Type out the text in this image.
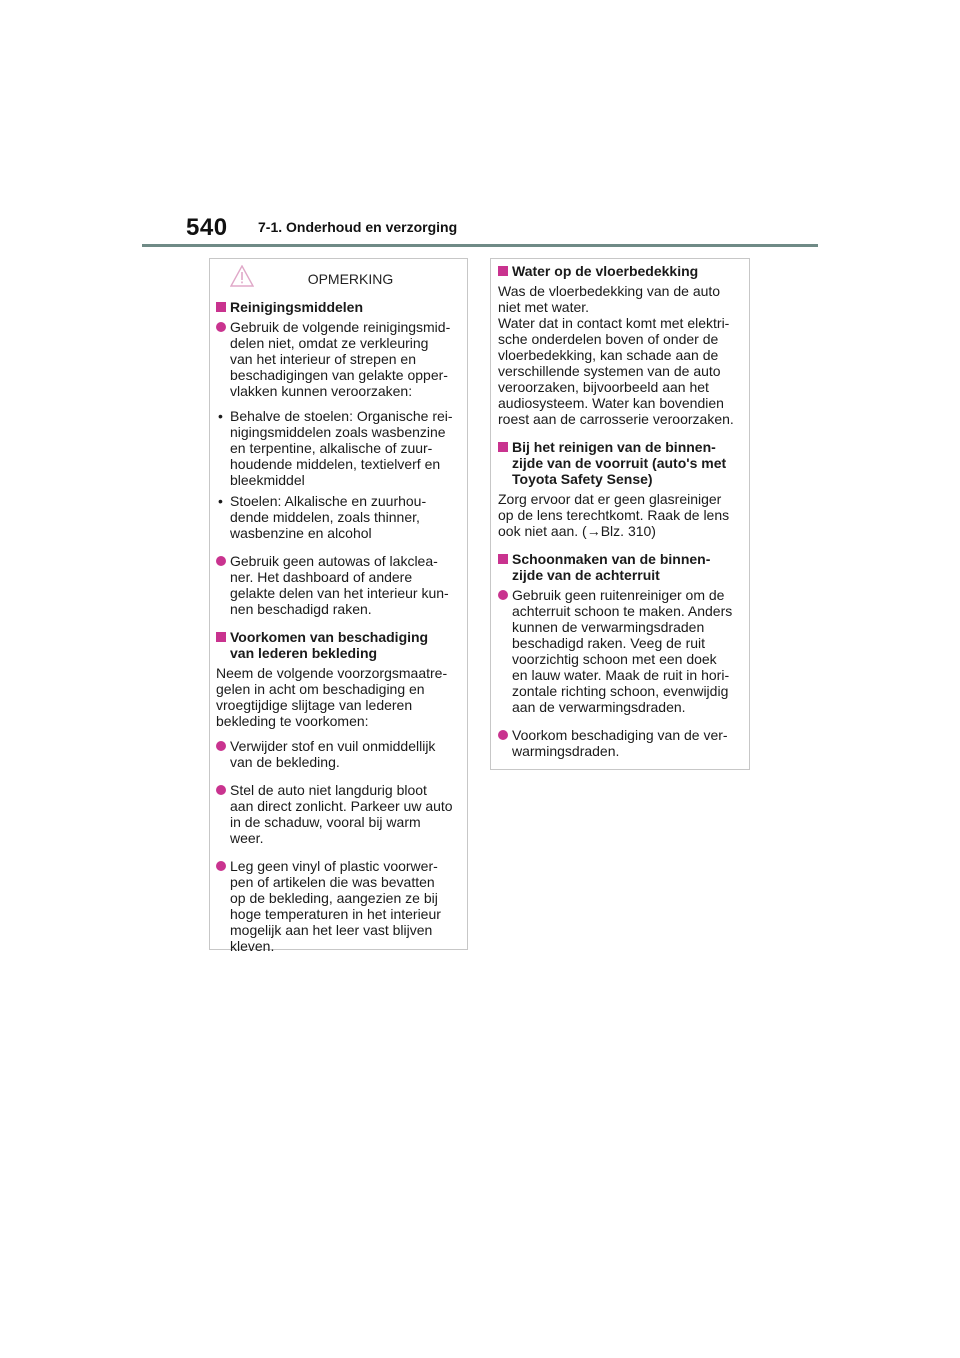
540 7-1. Onderhoud en verzorging
OPMERKING
Reinigingsmiddelen
Gebruik de volgende reinigingsmid-
delen niet, omdat ze verkleuring
van het interieur of strepen en
beschadigingen van gelakte opper-
vlakken kunnen veroorzaken:
• Behalve de stoelen: Organische rei-
nigingsmiddelen zoals wasbenzine
en terpentine, alkalische of zuur-
houdende middelen, textielverf en
bleekmiddel
• Stoelen: Alkalische en zuurhou-
dende middelen, zoals thinner,
wasbenzine en alcohol
Gebruik geen autowas of lakclea-
ner. Het dashboard of andere
gelakte delen van het interieur kun-
nen beschadigd raken.
Voorkomen van beschadiging
van lederen bekleding
Neem de volgende voorzorgsmaatre-
gelen in acht om beschadiging en
vroegtijdige slijtage van lederen
bekleding te voorkomen:
Verwijder stof en vuil onmiddellijk
van de bekleding.
Stel de auto niet langdurig bloot
aan direct zonlicht. Parkeer uw auto
in de schaduw, vooral bij warm
weer.
Leg geen vinyl of plastic voorwer-
pen of artikelen die was bevatten
op de bekleding, aangezien ze bij
hoge temperaturen in het interieur
mogelijk aan het leer vast blijven
kleven.
Water op de vloerbedekking
Was de vloerbedekking van de auto
niet met water.
Water dat in contact komt met elektri-
sche onderdelen boven of onder de
vloerbedekking, kan schade aan de
verschillende systemen van de auto
veroorzaken, bijvoorbeeld aan het
audiosysteem. Water kan bovendien
roest aan de carrosserie veroorzaken.
Bij het reinigen van de binnen-
zijde van de voorruit (auto's met
Toyota Safety Sense)
Zorg ervoor dat er geen glasreiniger
op de lens terechtkomt. Raak de lens
ook niet aan. (→Blz. 310)
Schoonmaken van de binnen-
zijde van de achterruit
Gebruik geen ruitenreiniger om de
achterruit schoon te maken. Anders
kunnen de verwarmingsdraden
beschadigd raken. Veeg de ruit
voorzichtig schoon met een doek
en lauw water. Maak de ruit in hori-
zontale richting schoon, evenwijdig
aan de verwarmingsdraden.
Voorkom beschadiging van de ver-
warmingsdraden.
